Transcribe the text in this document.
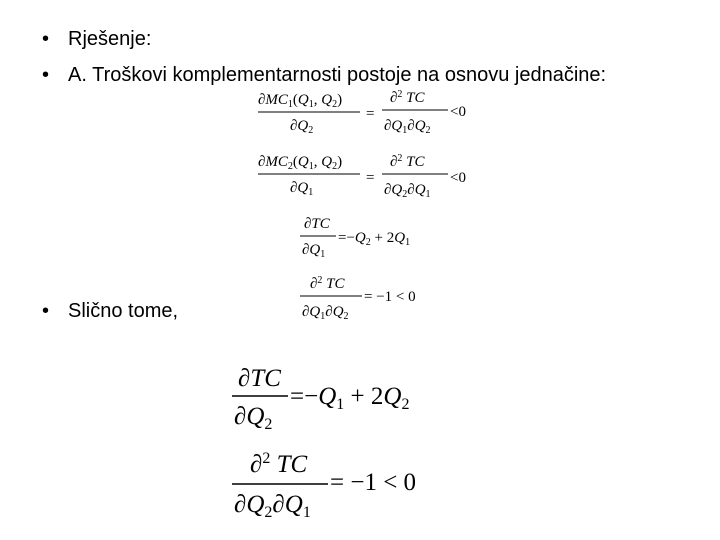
• Rješenje:
• A. Troškovi komplementarnosti postoje na osnovu jednačine:
• Slično tome,
$\partial MC_1(Q_1$, $Q_2$)
$\partial Q_2$
=
∂$^2$ TC
$\partial Q_1\partial Q_2$
<0
$\partial MC_2(Q_1$, $Q_2$)
$\partial Q_1$
=
∂$^2$ TC
$\partial Q_2\partial Q_1$
<0
∂TC
$\partial Q_1$
$=-Q_2 + 2Q_1$
∂$^2$ TC
$\partial Q_1\partial Q_2$
= −1 < 0
∂TC
$\partial Q_2$
$=-Q_1 + 2Q_2$
∂$^2$ TC
$\partial Q_2\partial Q_1$
= −1 < 0
